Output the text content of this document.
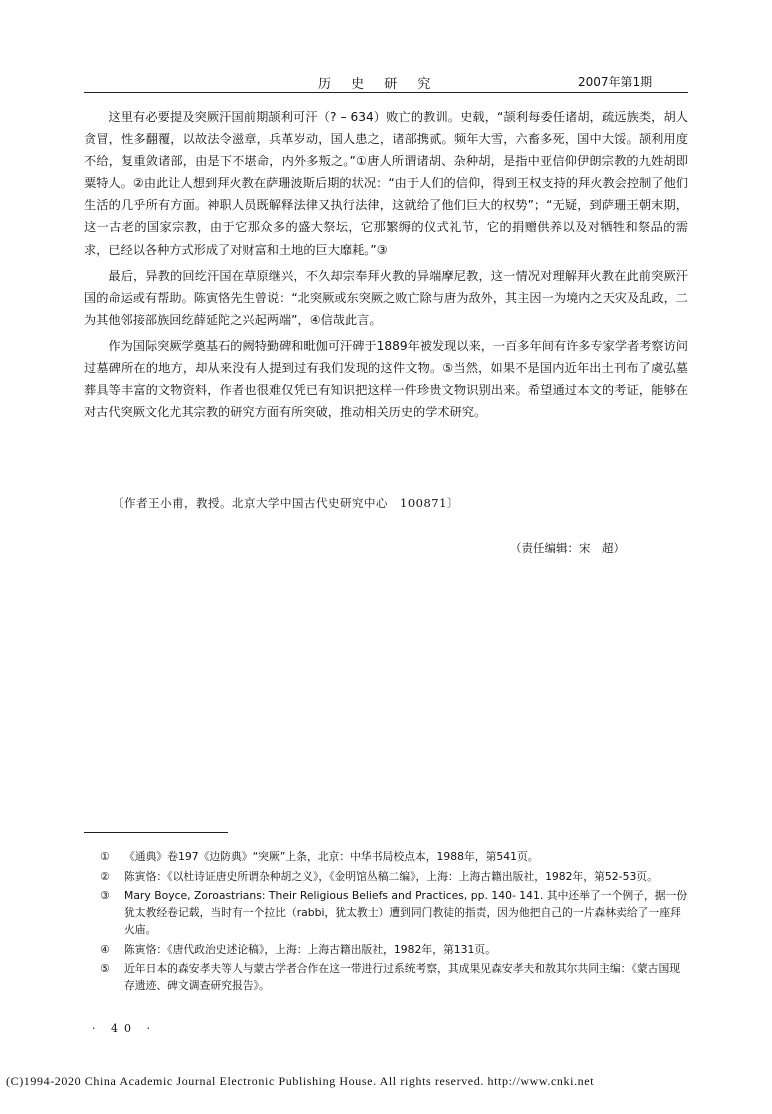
历 史 研 究	2007年第1期

这里有必要提及突厥汗国前期颉利可汗（? – 634）败亡的教训。史载，“颉利每委任诸胡，疏远族类，胡人贪冒，性多翻覆，以故法令滋章，兵革岁动，国人患之，诸部携贰。频年大雪，六畜多死，国中大馁。颉利用度不给，复重敛诸部，由是下不堪命，内外多叛之。”①唐人所谓诸胡、杂种胡，是指中亚信仰伊朗宗教的九姓胡即粟特人。②由此让人想到拜火教在萨珊波斯后期的状况：“由于人们的信仰，得到王权支持的拜火教会控制了他们生活的几乎所有方面。神职人员既解释法律又执行法律，这就给了他们巨大的权势”；“无疑，到萨珊王朝末期，这一古老的国家宗教，由于它那众多的盛大祭坛，它那繁缛的仪式礼节，它的捐赠供养以及对牺牲和祭品的需求，已经以各种方式形成了对财富和土地的巨大靡耗。”③

最后，异教的回纥汗国在草原继兴，不久却宗奉拜火教的异端摩尼教，这一情况对理解拜火教在此前突厥汗国的命运或有帮助。陈寅恪先生曾说：“北突厥或东突厥之败亡除与唐为敌外，其主因一为境内之天灾及乱政，二为其他邻接部族回纥薛延陀之兴起两端”，④信哉此言。

作为国际突厥学奠基石的阙特勤碑和毗伽可汗碑于1889年被发现以来，一百多年间有许多专家学者考察访问过墓碑所在的地方，却从来没有人提到过有我们发现的这件文物。⑤当然，如果不是国内近年出土刊布了虞弘墓葬具等丰富的文物资料，作者也很难仅凭已有知识把这样一件珍贵文物识别出来。希望通过本文的考证，能够在对古代突厥文化尤其宗教的研究方面有所突破，推动相关历史的学术研究。

〔作者王小甫，教授。北京大学中国古代史研究中心　100871〕
（责任编辑：宋　超）
①	《通典》卷197《边防典》“突厥”上条，北京：中华书局校点本，1988年，第541页。
②	陈寅恪：《以杜诗证唐史所谓杂种胡之义》，《金明馆丛稿二编》，上海：上海古籍出版社，1982年，第52-53页。
③	Mary Boyce, Zoroastrians: Their Religious Beliefs and Practices, pp. 140- 141. 其中还举了一个例子，据一份犹太教经卷记载，当时有一个拉比（rabbi，犹太教士）遭到同门教徒的指责，因为他把自己的一片森林卖给了一座拜火庙。
④	陈寅恪：《唐代政治史述论稿》，上海：上海古籍出版社，1982年，第131页。
⑤	近年日本的森安孝夫等人与蒙古学者合作在这一带进行过系统考察，其成果见森安孝夫和敖其尔共同主编：《蒙古国现存遗迹、碑文调查研究报告》。
· 40 ·
(C)1994-2020 China Academic Journal Electronic Publishing House. All rights reserved. http://www.cnki.net
